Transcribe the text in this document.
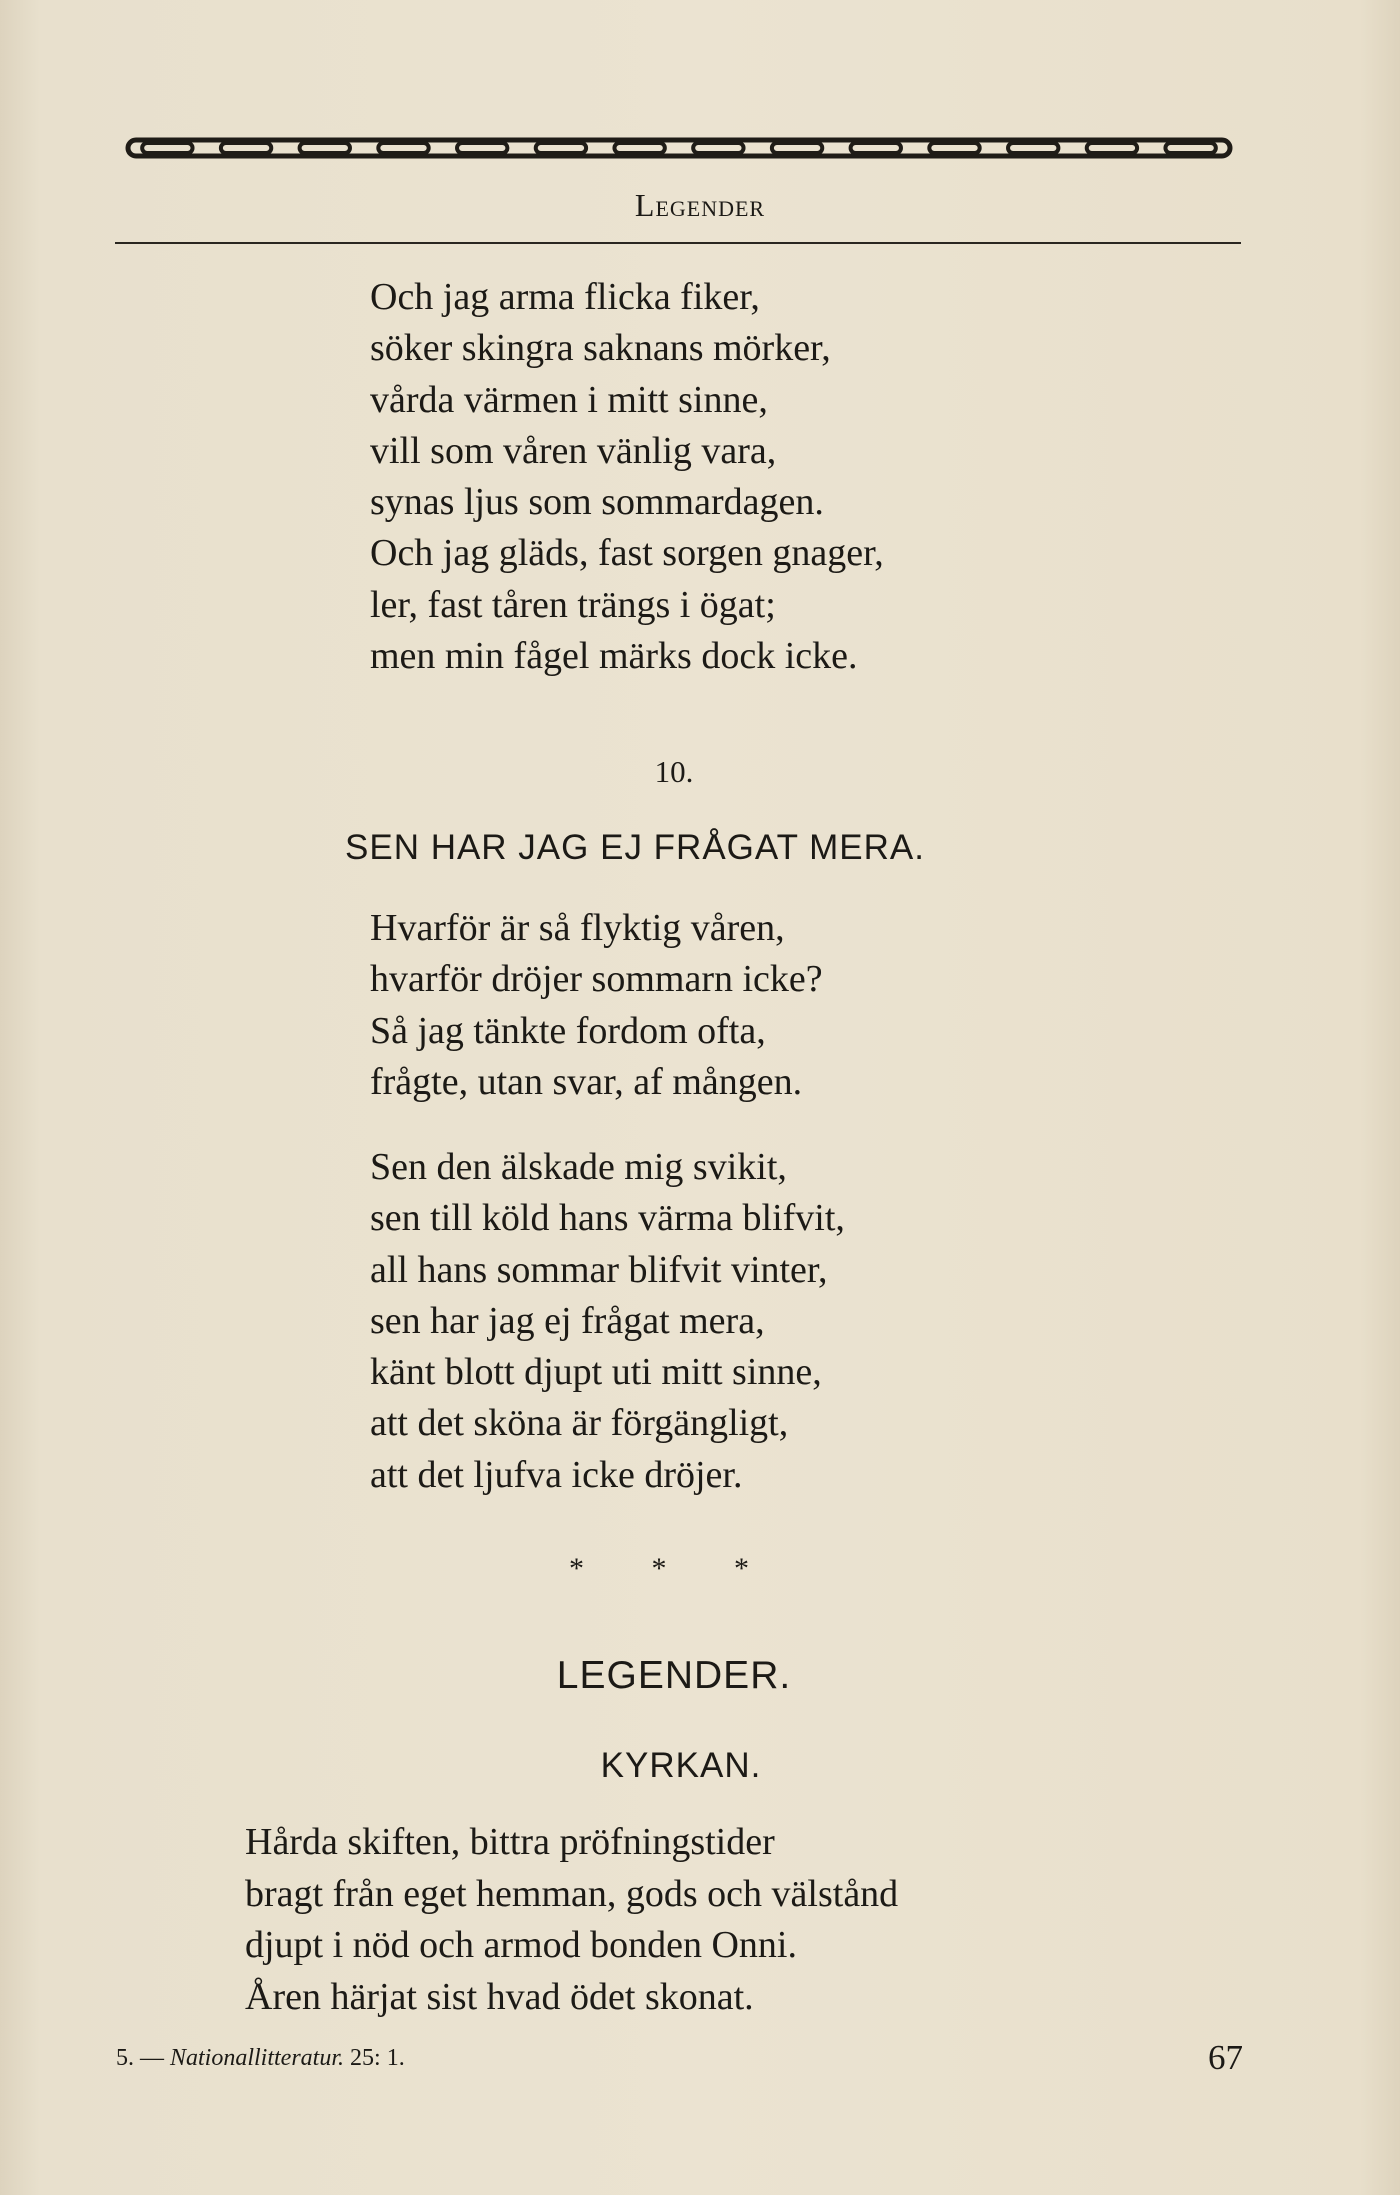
Legender
Och jag arma flicka fiker,
söker skingra saknans mörker,
vårda värmen i mitt sinne,
vill som våren vänlig vara,
synas ljus som sommardagen.
Och jag gläds, fast sorgen gnager,
ler, fast tåren trängs i ögat;
men min fågel märks dock icke.
10.
SEN HAR JAG EJ FRÅGAT MERA.
Hvarför är så flyktig våren,
hvarför dröjer sommarn icke?
Så jag tänkte fordom ofta,
frågte, utan svar, af mången.
Sen den älskade mig svikit,
sen till köld hans värma blifvit,
all hans sommar blifvit vinter,
sen har jag ej frågat mera,
känt blott djupt uti mitt sinne,
att det sköna är förgängligt,
att det ljufva icke dröjer.
* * *
LEGENDER.
KYRKAN.
Hårda skiften, bittra pröfningstider
bragt från eget hemman, gods och välstånd
djupt i nöd och armod bonden Onni.
Åren härjat sist hvad ödet skonat.
5. — Nationallitteratur. 25: 1.	67
